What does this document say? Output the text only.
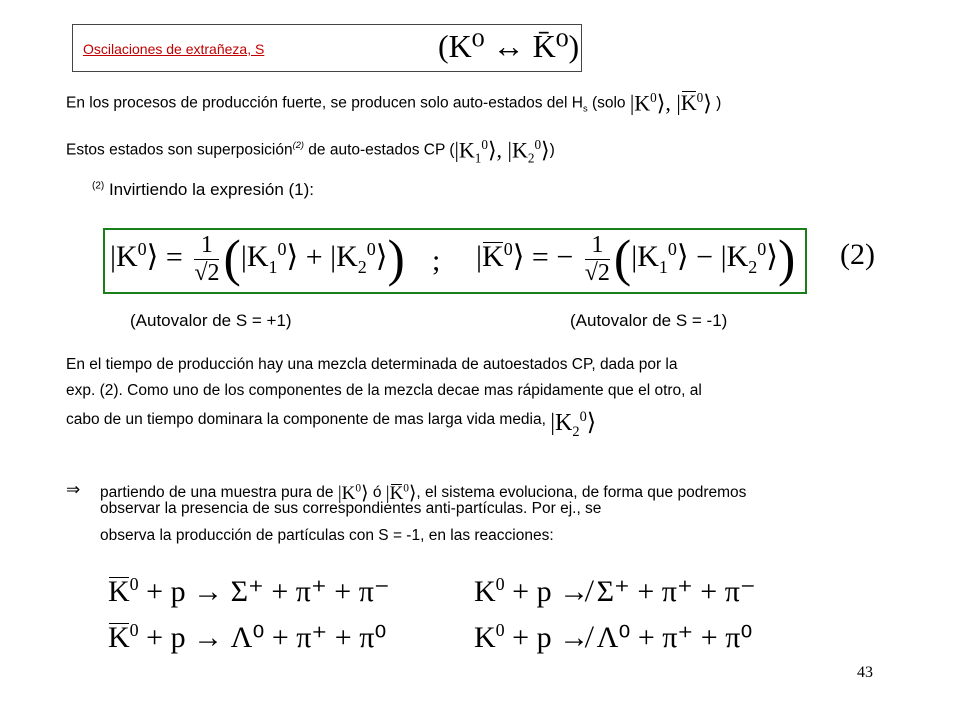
Oscilaciones de extrañeza, S	(K⁰ ↔ K̄⁰)
En los procesos de producción fuerte, se producen solo auto-estados del $H_s$ (solo $|K^0⟩$, $|K^0⟩$ )
Estos estados son superposición$^{(2)}$ de auto-estados CP ($|K_1^0⟩$, $|K_2^0⟩$)
$^{(2)}$ Invirtiendo la expresión (1):
$|K^0⟩ = \frac{1}{√2}$ ($|K_1^0⟩$ + $|K_2^0⟩$) ; $|K^0⟩$ = − $\frac{1}{√2}$ ($|K_1^0⟩$ − $|K_2^0⟩$) (2)
(Autovalor de S = +1)	(Autovalor de S = -1)
En el tiempo de producción hay una mezcla determinada de autoestados CP, dada por la
exp. (2). Como uno de los componentes de la mezcla decae mas rápidamente que el otro, al
cabo de un tiempo dominara la componente de mas larga vida media, $|K_2^0⟩$
⇒ partiendo de una muestra pura de $|K^0⟩$ ó $|K^0⟩$, el sistema evoluciona, de forma que podremos
observar la presencia de sus correspondientes anti-partículas. Por ej., se
observa la producción de partículas con S = -1, en las reacciones:
$K^0 + p \to \Sigma^+ + \pi^+ + \pi^-$
$K^0 + p \to \Lambda^0 + \pi^+ + \pi^0$
$K^0 + p$ ↛ Σ⁺ + π⁺ + π⁻
$K^0 + p$ ↛ Λ⁰ + π⁺ + π⁰
43
